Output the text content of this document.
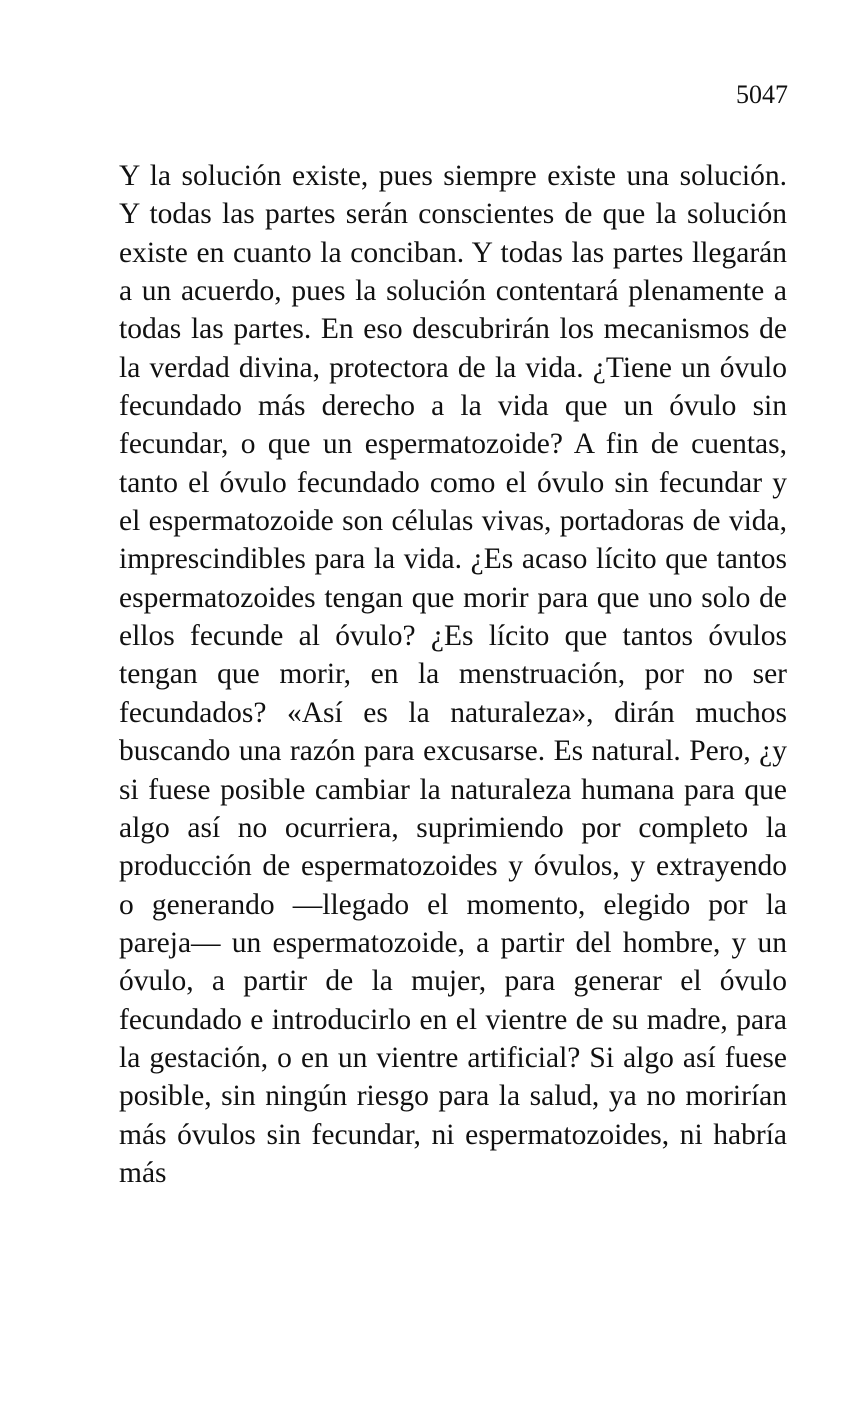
5047

Y la solución existe, pues siempre existe una solución. Y todas las partes serán conscientes de que la solución existe en cuanto la conciban. Y todas las partes llegarán a un acuerdo, pues la solución contentará plenamente a todas las partes. En eso descubrirán los mecanismos de la verdad divina, protectora de la vida. ¿Tiene un óvulo fecundado más derecho a la vida que un óvulo sin fecundar, o que un espermatozoide? A fin de cuentas, tanto el óvulo fecundado como el óvulo sin fecundar y el espermatozoide son células vivas, portadoras de vida, imprescindibles para la vida. ¿Es acaso lícito que tantos espermatozoides tengan que morir para que uno solo de ellos fecunde al óvulo? ¿Es lícito que tantos óvulos tengan que morir, en la menstruación, por no ser fecundados? «Así es la naturaleza», dirán muchos buscando una razón para excusarse. Es natural. Pero, ¿y si fuese posible cambiar la naturaleza humana para que algo así no ocurriera, suprimiendo por completo la producción de espermatozoides y óvulos, y extrayendo o generando —llegado el momento, elegido por la pareja— un espermatozoide, a partir del hombre, y un óvulo, a partir de la mujer, para generar el óvulo fecundado e introducirlo en el vientre de su madre, para la gestación, o en un vientre artificial? Si algo así fuese posible, sin ningún riesgo para la salud, ya no morirían más óvulos sin fecundar, ni espermatozoides, ni habría más
